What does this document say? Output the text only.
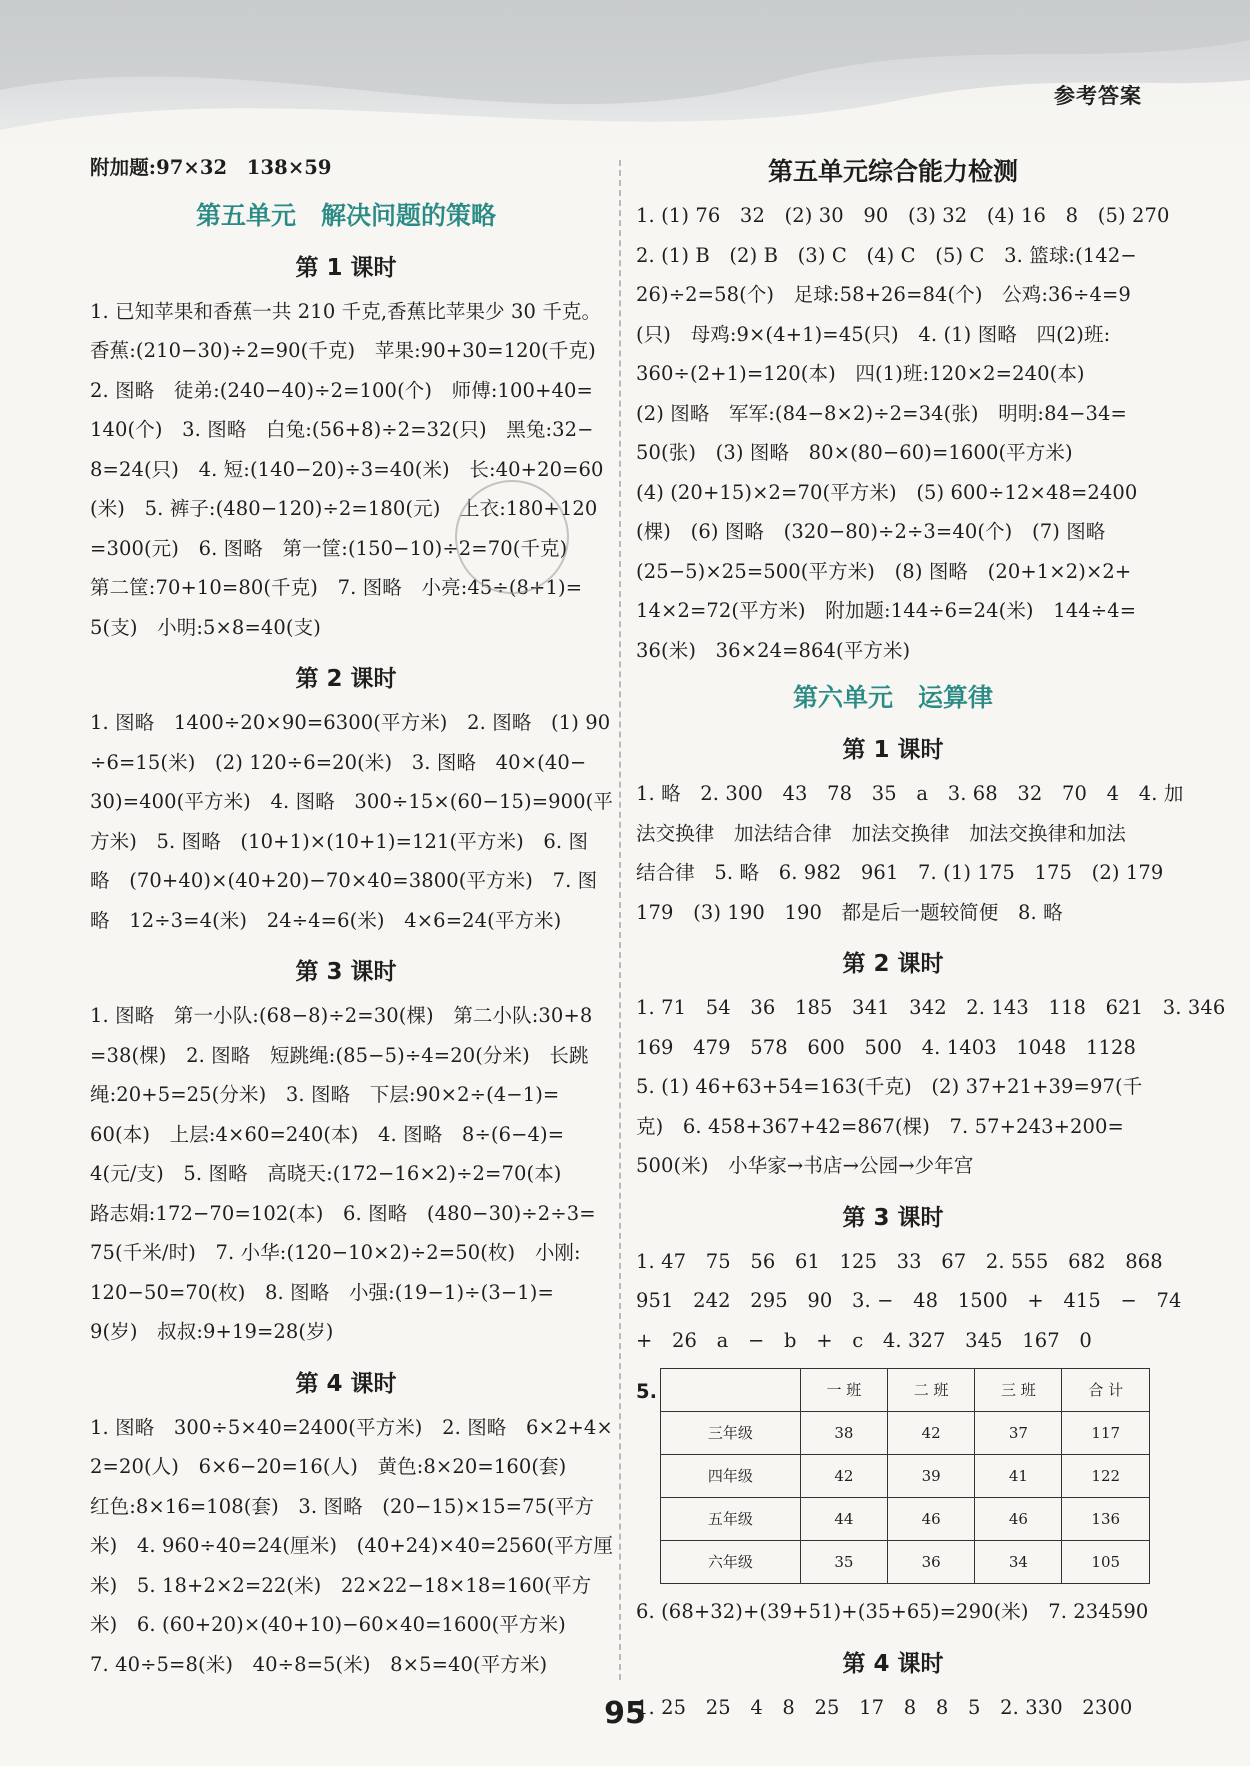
参考答案
附加题:97×32　138×59
第五单元　解决问题的策略
第 1 课时
1. 已知苹果和香蕉一共 210 千克,香蕉比苹果少 30 千克。
香蕉:(210−30)÷2=90(千克)　苹果:90+30=120(千克)
2. 图略　徒弟:(240−40)÷2=100(个)　师傅:100+40=
140(个)　3. 图略　白兔:(56+8)÷2=32(只)　黑兔:32−
8=24(只)　4. 短:(140−20)÷3=40(米)　长:40+20=60
(米)　5. 裤子:(480−120)÷2=180(元)　上衣:180+120
=300(元)　6. 图略　第一筐:(150−10)÷2=70(千克)
第二筐:70+10=80(千克)　7. 图略　小亮:45÷(8+1)=
5(支)　小明:5×8=40(支)
第 2 课时
1. 图略　1400÷20×90=6300(平方米)　2. 图略　(1) 90
÷6=15(米)　(2) 120÷6=20(米)　3. 图略　40×(40−
30)=400(平方米)　4. 图略　300÷15×(60−15)=900(平
方米)　5. 图略　(10+1)×(10+1)=121(平方米)　6. 图
略　(70+40)×(40+20)−70×40=3800(平方米)　7. 图
略　12÷3=4(米)　24÷4=6(米)　4×6=24(平方米)
第 3 课时
1. 图略　第一小队:(68−8)÷2=30(棵)　第二小队:30+8
=38(棵)　2. 图略　短跳绳:(85−5)÷4=20(分米)　长跳
绳:20+5=25(分米)　3. 图略　下层:90×2÷(4−1)=
60(本)　上层:4×60=240(本)　4. 图略　8÷(6−4)=
4(元/支)　5. 图略　高晓天:(172−16×2)÷2=70(本)
路志娟:172−70=102(本)　6. 图略　(480−30)÷2÷3=
75(千米/时)　7. 小华:(120−10×2)÷2=50(枚)　小刚:
120−50=70(枚)　8. 图略　小强:(19−1)÷(3−1)=
9(岁)　叔叔:9+19=28(岁)
第 4 课时
1. 图略　300÷5×40=2400(平方米)　2. 图略　6×2+4×
2=20(人)　6×6−20=16(人)　黄色:8×20=160(套)
红色:8×16=108(套)　3. 图略　(20−15)×15=75(平方
米)　4. 960÷40=24(厘米)　(40+24)×40=2560(平方厘
米)　5. 18+2×2=22(米)　22×22−18×18=160(平方
米)　6. (60+20)×(40+10)−60×40=1600(平方米)
7. 40÷5=8(米)　40÷8=5(米)　8×5=40(平方米)
第五单元综合能力检测
1. (1) 76　32　(2) 30　90　(3) 32　(4) 16　8　(5) 270
2. (1) B　(2) B　(3) C　(4) C　(5) C　3. 篮球:(142−
26)÷2=58(个)　足球:58+26=84(个)　公鸡:36÷4=9
(只)　母鸡:9×(4+1)=45(只)　4. (1) 图略　四(2)班:
360÷(2+1)=120(本)　四(1)班:120×2=240(本)
(2) 图略　军军:(84−8×2)÷2=34(张)　明明:84−34=
50(张)　(3) 图略　80×(80−60)=1600(平方米)
(4) (20+15)×2=70(平方米)　(5) 600÷12×48=2400
(棵)　(6) 图略　(320−80)÷2÷3=40(个)　(7) 图略
(25−5)×25=500(平方米)　(8) 图略　(20+1×2)×2+
14×2=72(平方米)　附加题:144÷6=24(米)　144÷4=
36(米)　36×24=864(平方米)
第六单元　运算律
第 1 课时
1. 略　2. 300　43　78　35　a　3. 68　32　70　4　4. 加
法交换律　加法结合律　加法交换律　加法交换律和加法
结合律　5. 略　6. 982　961　7. (1) 175　175　(2) 179
179　(3) 190　190　都是后一题较简便　8. 略
第 2 课时
1. 71　54　36　185　341　342　2. 143　118　621　3. 346
169　479　578　600　500　4. 1403　1048　1128
5. (1) 46+63+54=163(千克)　(2) 37+21+39=97(千
克)　6. 458+367+42=867(棵)　7. 57+243+200=
500(米)　小华家→书店→公园→少年宫
第 3 课时
1. 47　75　56　61　125　33　67　2. 555　682　868
951　242　295　90　3. −　48　1500　+　415　−　74
+　26　a　−　b　+　c　4. 327　345　167　0
5.
		一 班	二 班	三 班	合 计
三年级	38	42	37	117
四年级	42	39	41	122
五年级	44	46	46	136
六年级	35	36	34	105
6. (68+32)+(39+51)+(35+65)=290(米)　7. 234590
第 4 课时
1. 25　25　4　8　25　17　8　8　5　2. 330　2300
95
